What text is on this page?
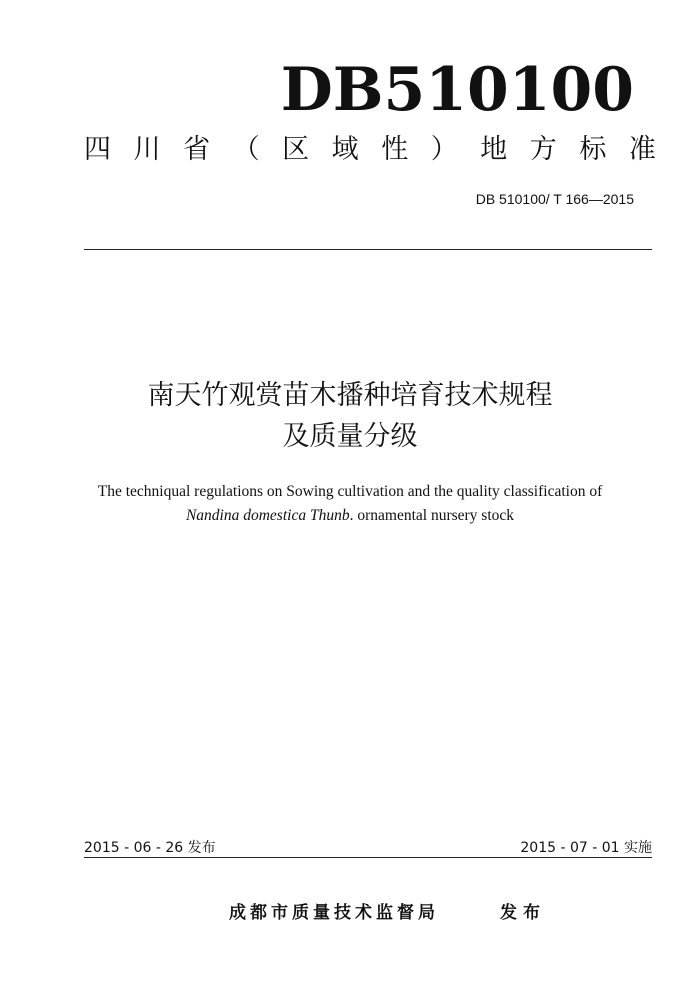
DB510100
四 川 省 （ 区 域 性 ） 地 方 标 准
DB 510100/ T 166—2015
南天竹观赏苗木播种培育技术规程
及质量分级
The techniqual regulations on Sowing cultivation and the quality classification of
Nandina domestica Thunb. ornamental nursery stock
2015 - 06 - 26 发布	2015 - 07 - 01 实施
成都市质量技术监督局	发布
